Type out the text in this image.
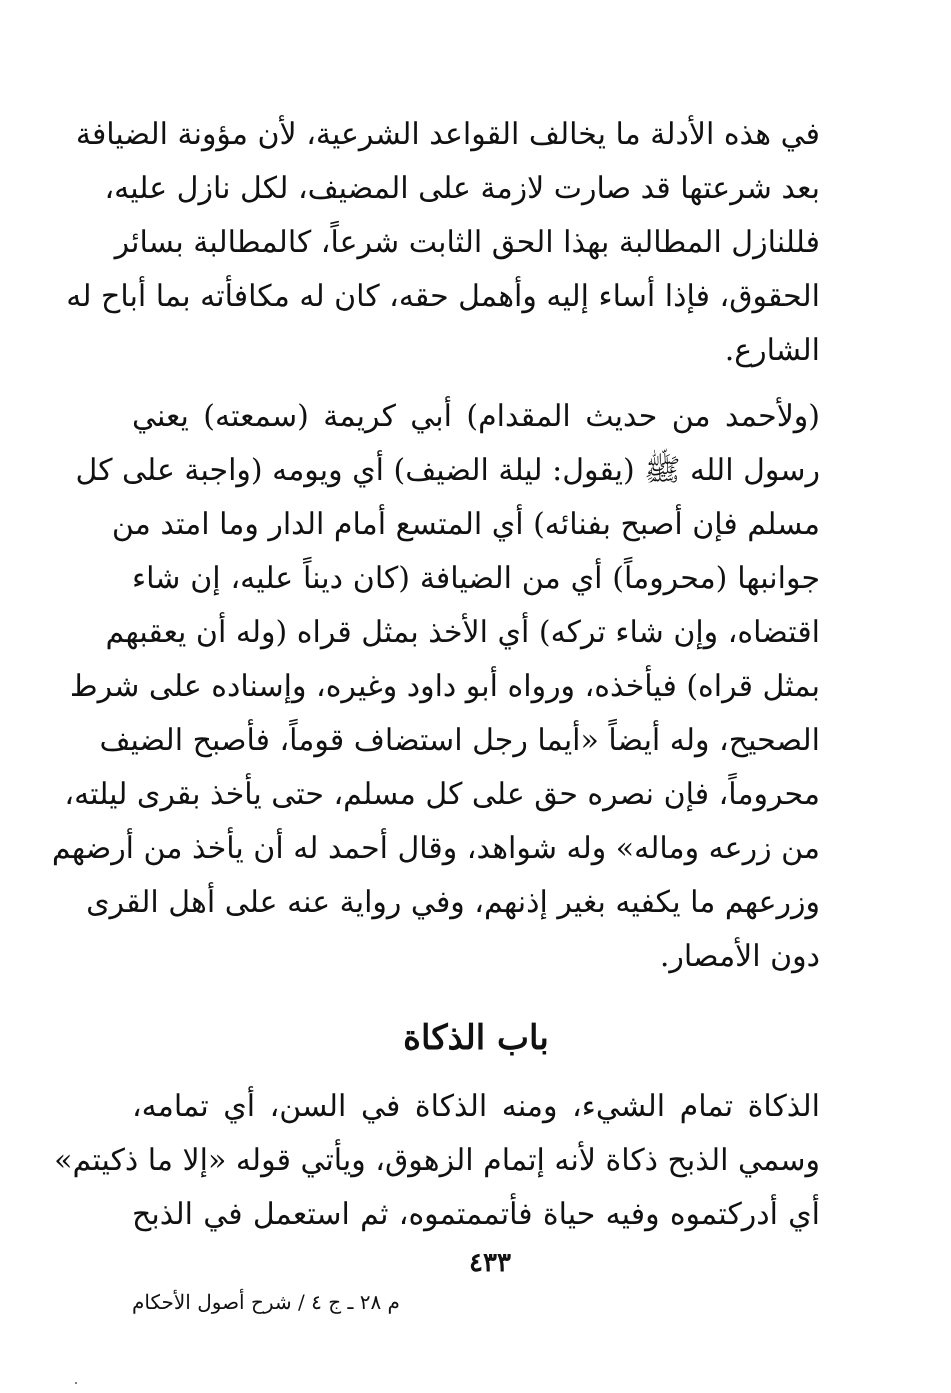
في هذه الأدلة ما يخالف القواعد الشرعية، لأن مؤونة الضيافة
بعد شرعتها قد صارت لازمة على المضيف، لكل نازل عليه،
فللنازل المطالبة بهذا الحق الثابت شرعاً، كالمطالبة بسائر
الحقوق، فإذا أساء إليه وأهمل حقه، كان له مكافأته بما أباح له
الشارع.
(ولأحمد من حديث المقدام) أبي كريمة (سمعته) يعني
رسول الله ﷺ (يقول: ليلة الضيف) أي ويومه (واجبة على كل
مسلم فإن أصبح بفنائه) أي المتسع أمام الدار وما امتد من
جوانبها (محروماً) أي من الضيافة (كان ديناً عليه، إن شاء
اقتضاه، وإن شاء تركه) أي الأخذ بمثل قراه (وله أن يعقبهم
بمثل قراه) فيأخذه، ورواه أبو داود وغيره، وإسناده على شرط
الصحيح، وله أيضاً «أيما رجل استضاف قوماً، فأصبح الضيف
محروماً، فإن نصره حق على كل مسلم، حتى يأخذ بقرى ليلته،
من زرعه وماله» وله شواهد، وقال أحمد له أن يأخذ من أرضهم
وزرعهم ما يكفيه بغير إذنهم، وفي رواية عنه على أهل القرى
دون الأمصار.
باب الذكاة
الذكاة تمام الشيء، ومنه الذكاة في السن، أي تمامه،
وسمي الذبح ذكاة لأنه إتمام الزهوق، ويأتي قوله «إلا ما ذكيتم»
أي أدركتموه وفيه حياة فأتممتموه، ثم استعمل في الذبح
٤٣٣
م ٢٨ ـ ج ٤ / شرح أصول الأحكام
